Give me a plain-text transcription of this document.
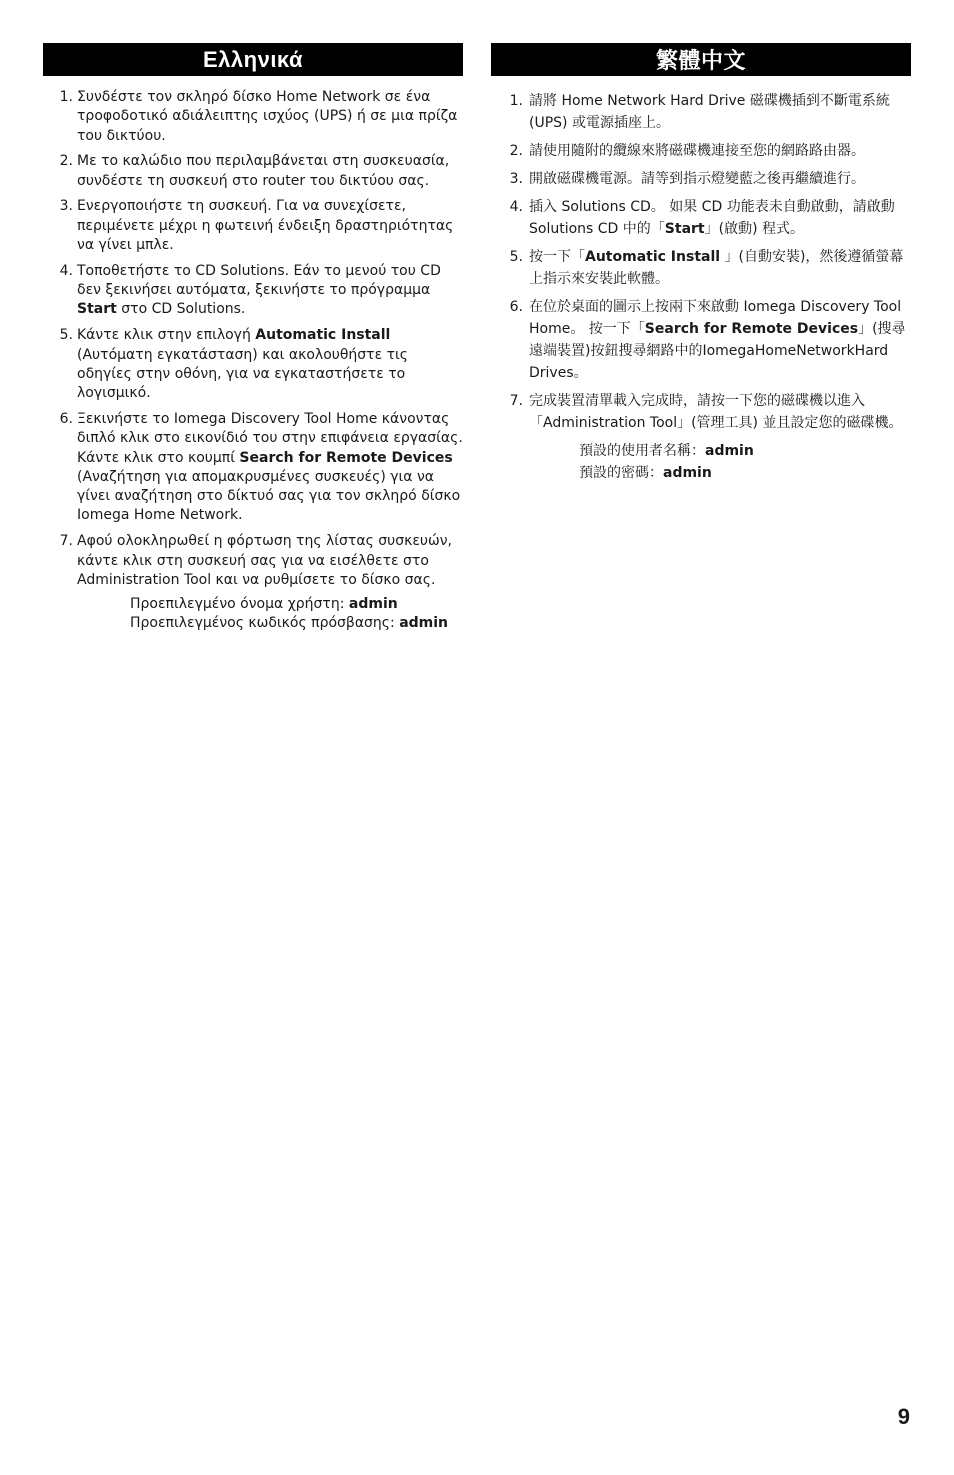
Ελληνικά
1. Συνδέστε τον σκληρό δίσκο Home Network σε ένα τροφοδοτικό αδιάλειπτης ισχύος (UPS) ή σε μια πρίζα του δικτύου.
2. Με το καλώδιο που περιλαμβάνεται στη συσκευασία, συνδέστε τη συσκευή στο router του δικτύου σας.
3. Ενεργοποιήστε τη συσκευή. Για να συνεχίσετε, περιμένετε μέχρι η φωτεινή ένδειξη δραστηριότητας να γίνει μπλε.
4. Τοποθετήστε το CD Solutions. Εάν το μενού του CD δεν ξεκινήσει αυτόματα, ξεκινήστε το πρόγραμμα Start στο CD Solutions.
5. Κάντε κλικ στην επιλογή Automatic Install (Αυτόματη εγκατάσταση) και ακολουθήστε τις οδηγίες στην οθόνη, για να εγκαταστήσετε το λογισμικό.
6. Ξεκινήστε το Iomega Discovery Tool Home κάνοντας διπλό κλικ στο εικονίδιό του στην επιφάνεια εργασίας. Κάντε κλικ στο κουμπί Search for Remote Devices (Αναζήτηση για απομακρυσμένες συσκευές) για να γίνει αναζήτηση στο δίκτυό σας για τον σκληρό δίσκο Iomega Home Network.
7. Αφού ολοκληρωθεί η φόρτωση της λίστας συσκευών, κάντε κλικ στη συσκευή σας για να εισέλθετε στο Administration Tool και να ρυθμίσετε το δίσκο σας.
Προεπιλεγμένο όνομα χρήστη: admin
Προεπιλεγμένος κωδικός πρόσβασης: admin
繁體中文
1. 請將 Home Network Hard Drive 磁碟機插到不斷電系統 (UPS) 或電源插座上。
2. 請使用隨附的纜線來將磁碟機連接至您的網路路由器。
3. 開啟磁碟機電源。請等到指示燈變藍之後再繼續進行。
4. 插入 Solutions CD。 如果 CD 功能表未自動啟動，請啟動 Solutions CD 中的「Start」(啟動) 程式。
5. 按一下「Automatic Install 」(自動安裝)，然後遵循螢幕上指示來安裝此軟體。
6. 在位於桌面的圖示上按兩下來啟動 Iomega Discovery Tool Home。 按一下「Search for Remote Devices」(搜尋遠端裝置)按鈕搜尋網路中的IomegaHomeNetworkHard Drives。
7. 完成裝置清單載入完成時，請按一下您的磁碟機以進入「Administration Tool」(管理工具) 並且設定您的磁碟機。
預設的使用者名稱：admin
預設的密碼：admin
9
